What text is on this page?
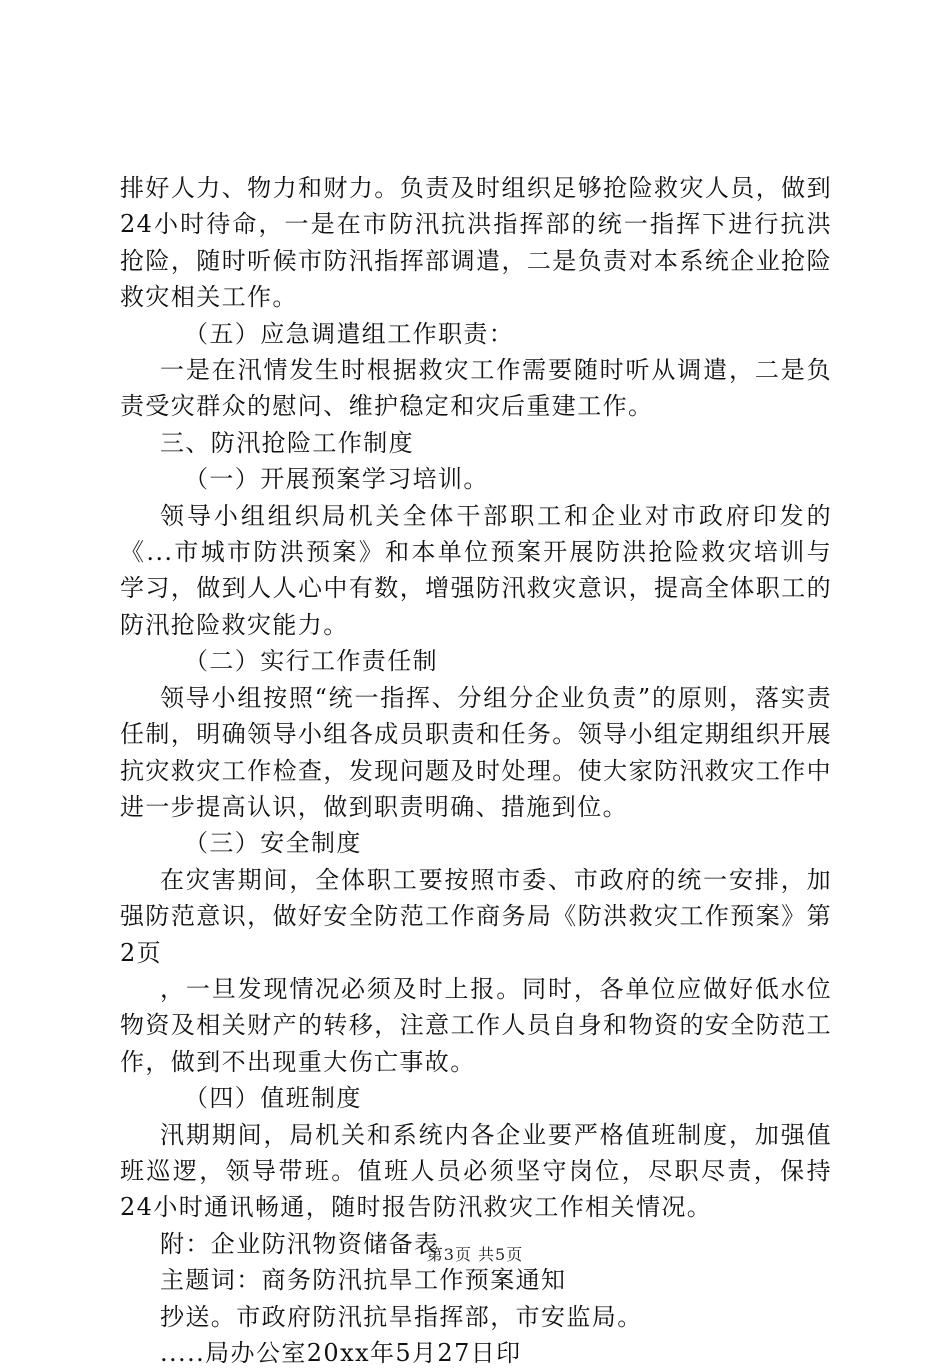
排好人力、物力和财力。负责及时组织足够抢险救灾人员，做到24小时待命，一是在市防汛抗洪指挥部的统一指挥下进行抗洪抢险，随时听候市防汛指挥部调遣，二是负责对本系统企业抢险救灾相关工作。

（五）应急调遣组工作职责：

一是在汛情发生时根据救灾工作需要随时听从调遣，二是负责受灾群众的慰问、维护稳定和灾后重建工作。

三、防汛抢险工作制度

（一）开展预案学习培训。

领导小组组织局机关全体干部职工和企业对市政府印发的《...市城市防洪预案》和本单位预案开展防洪抢险救灾培训与学习，做到人人心中有数，增强防汛救灾意识，提高全体职工的防汛抢险救灾能力。

（二）实行工作责任制

领导小组按照“统一指挥、分组分企业负责”的原则，落实责任制，明确领导小组各成员职责和任务。领导小组定期组织开展抗灾救灾工作检查，发现问题及时处理。使大家防汛救灾工作中进一步提高认识，做到职责明确、措施到位。

（三）安全制度

在灾害期间，全体职工要按照市委、市政府的统一安排，加强防范意识，做好安全防范工作商务局《防洪救灾工作预案》第2页

，一旦发现情况必须及时上报。同时，各单位应做好低水位物资及相关财产的转移，注意工作人员自身和物资的安全防范工作，做到不出现重大伤亡事故。

（四）值班制度

汛期期间，局机关和系统内各企业要严格值班制度，加强值班巡逻，领导带班。值班人员必须坚守岗位，尽职尽责，保持24小时通讯畅通，随时报告防汛救灾工作相关情况。

附：企业防汛物资储备表

主题词：商务防汛抗旱工作预案通知

抄送。市政府防汛抗旱指挥部，市安监局。

.....局办公室20xx年5月27日印

第3页 共5页
